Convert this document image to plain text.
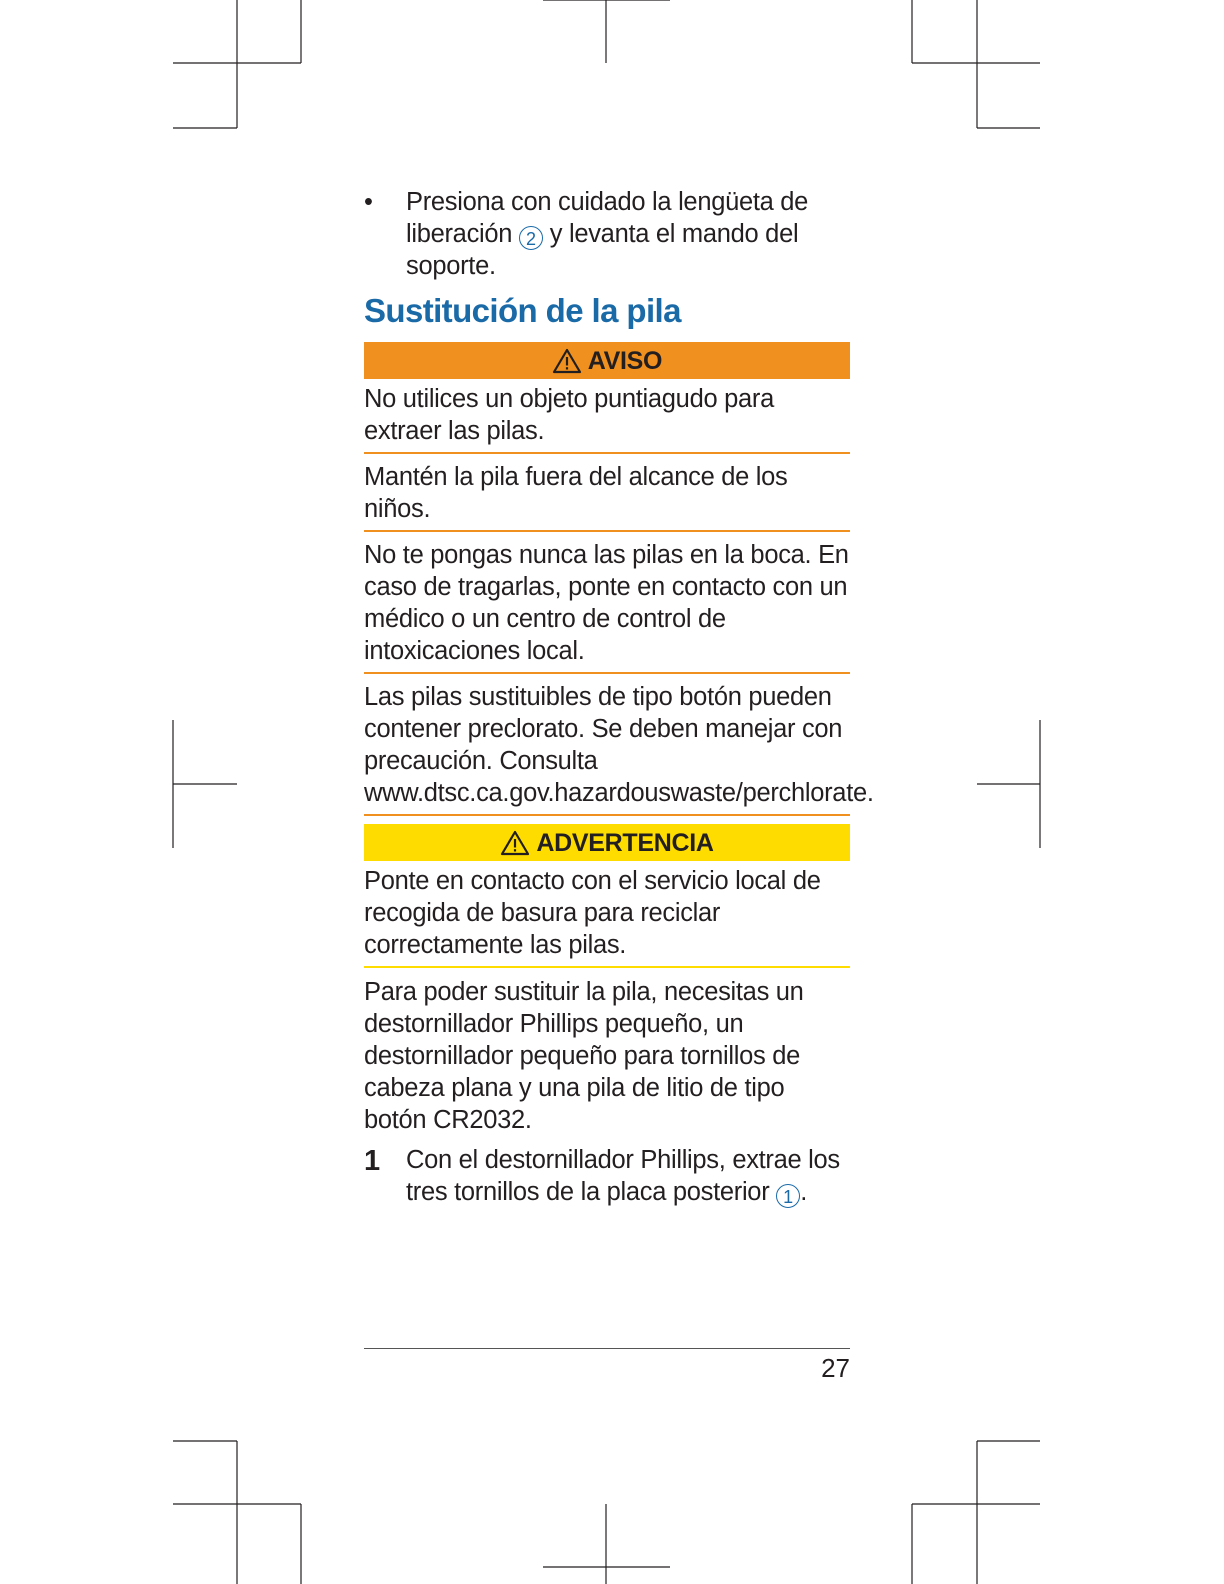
• Presiona con cuidado la lengüeta de liberación 2 y levanta el mando del soporte.

Sustitución de la pila
AVISO

No utilices un objeto puntiagudo para extraer las pilas.

Mantén la pila fuera del alcance de los niños.

No te pongas nunca las pilas en la boca. En caso de tragarlas, ponte en contacto con un médico o un centro de control de intoxicaciones local.

Las pilas sustituibles de tipo botón pueden contener preclorato. Se deben manejar con precaución. Consulta www.dtsc.ca.gov.hazardouswaste/perchlorate.

ADVERTENCIA

Ponte en contacto con el servicio local de recogida de basura para reciclar correctamente las pilas.

Para poder sustituir la pila, necesitas un destornillador Phillips pequeño, un destornillador pequeño para tornillos de cabeza plana y una pila de litio de tipo botón CR2032.

1 Con el destornillador Phillips, extrae los tres tornillos de la placa posterior 1 .

27
